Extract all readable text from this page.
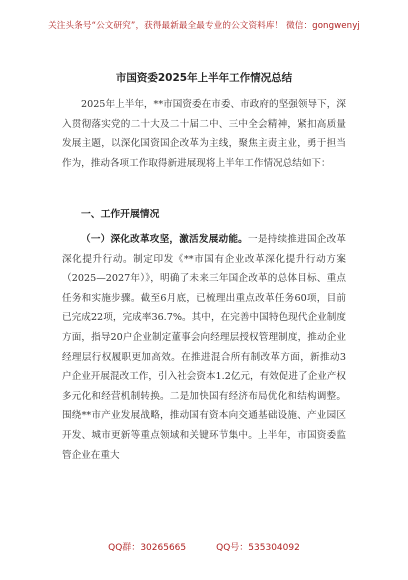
关注头条号“公文研究”，获得最新最全最专业的公文资料库！ 微信：gongwenyj
市国资委2025年上半年工作情况总结

2025年上半年，**市国资委在市委、市政府的坚强领导下，深入贯彻落实党的二十大及二十届二中、三中全会精神，紧扣高质量发展主题，以深化国资国企改革为主线，聚焦主责主业，勇于担当作为，推动各项工作取得新进展现将上半年工作情况总结如下：

一、工作开展情况

（一）深化改革攻坚，激活发展动能。一是持续推进国企改革深化提升行动。制定印发《**市国有企业改革深化提升行动方案（2025—2027年）》，明确了未来三年国企改革的总体目标、重点任务和实施步骤。截至6月底，已梳理出重点改革任务60项，目前已完成22项，完成率36.7%。其中，在完善中国特色现代企业制度方面，指导20户企业制定董事会向经理层授权管理制度，推动企业经理层行权履职更加高效。在推进混合所有制改革方面，新推动3户企业开展混改工作，引入社会资本1.2亿元，有效促进了企业产权多元化和经营机制转换。二是加快国有经济布局优化和结构调整。围绕**市产业发展战略，推动国有资本向交通基础设施、产业园区开发、城市更新等重点领域和关键环节集中。上半年，市国资委监管企业在重大

QQ群：30265665	QQ号：535304092
